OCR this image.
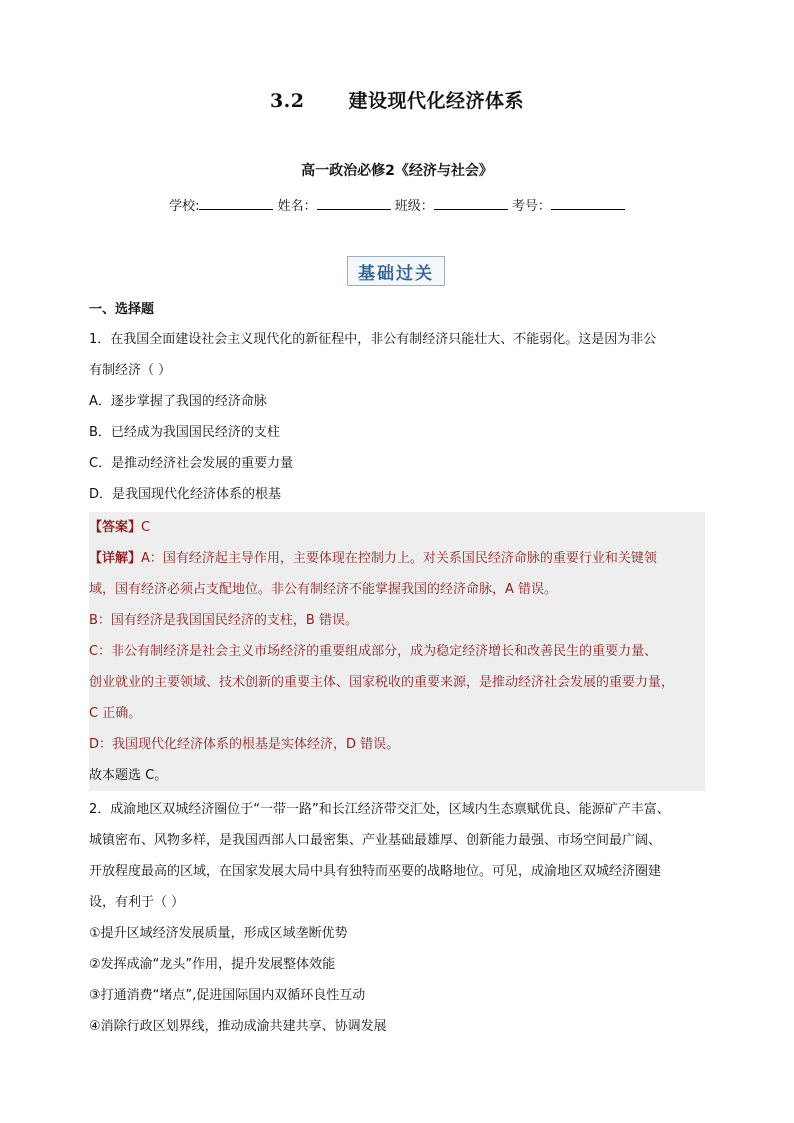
3.2 建设现代化经济体系
高一政治必修2《经济与社会》
学校:	姓名：	班级：	考号：
基础过关
一、选择题

1．在我国全面建设社会主义现代化的新征程中，非公有制经济只能壮大、不能弱化。这是因为非公

有制经济（ ）

A．逐步掌握了我国的经济命脉

B．已经成为我国国民经济的支柱

C．是推动经济社会发展的重要力量

D．是我国现代化经济体系的根基

【答案】C

【详解】A：国有经济起主导作用，主要体现在控制力上。对关系国民经济命脉的重要行业和关键领

域，国有经济必须占支配地位。非公有制经济不能掌握我国的经济命脉，A 错误。

B：国有经济是我国国民经济的支柱，B 错误。

C：非公有制经济是社会主义市场经济的重要组成部分，成为稳定经济增长和改善民生的重要力量、

创业就业的主要领域、技术创新的重要主体、国家税收的重要来源，是推动经济社会发展的重要力量，

C 正确。

D：我国现代化经济体系的根基是实体经济，D 错误。

故本题选 C。

2．成渝地区双城经济圈位于“一带一路”和长江经济带交汇处，区域内生态禀赋优良、能源矿产丰富、

城镇密布、风物多样，是我国西部人口最密集、产业基础最雄厚、创新能力最强、市场空间最广阔、

开放程度最高的区域，在国家发展大局中具有独特而巫要的战略地位。可见，成渝地区双城经济圈建

设，有利于（ ）

①提升区域经济发展质量，形成区域垄断优势

②发挥成渝“龙头”作用，提升发展整体效能

③打通消费“堵点”,促进国际国内双循环良性互动

④消除行政区划界线，推动成渝共建共享、协调发展
